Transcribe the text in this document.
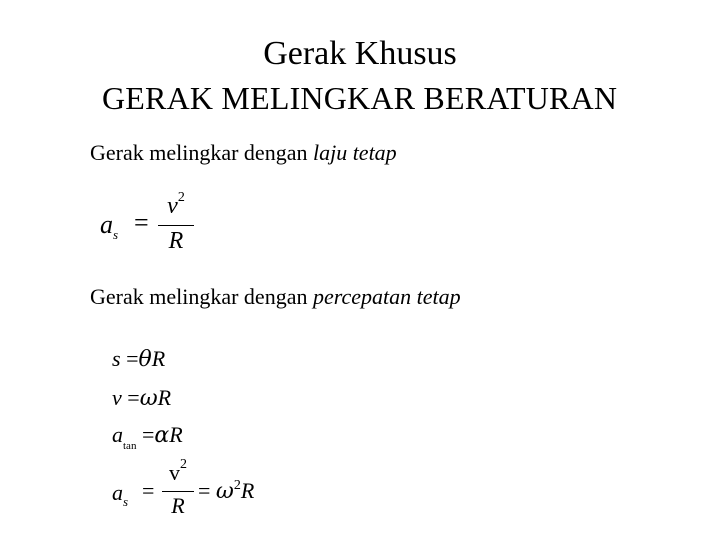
Gerak Khusus
GERAK MELINGKAR BERATURAN
Gerak melingkar dengan laju tetap
$a_s$ =
$v^2$
R
Gerak melingkar dengan percepatan tetap
s =θR
v =ωR
$a_{tan} =\alpha R$
$a_s$ =
$v^2$
R
= $\omega^2R$
